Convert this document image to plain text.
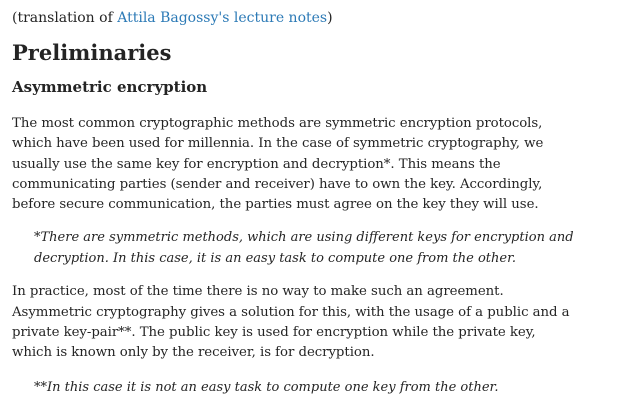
(translation of Attila Bagossy's lecture notes)

Preliminaries
Asymmetric encryption

The most common cryptographic methods are symmetric encryption protocols,
which have been used for millennia. In the case of symmetric cryptography, we
usually use the same key for encryption and decryption*. This means the
communicating parties (sender and receiver) have to own the key. Accordingly,
before secure communication, the parties must agree on the key they will use.

*There are symmetric methods, which are using different keys for encryption and
decryption. In this case, it is an easy task to compute one from the other.

In practice, most of the time there is no way to make such an agreement.
Asymmetric cryptography gives a solution for this, with the usage of a public and a
private key-pair**. The public key is used for encryption while the private key,
which is known only by the receiver, is for decryption.

**In this case it is not an easy task to compute one key from the other.
